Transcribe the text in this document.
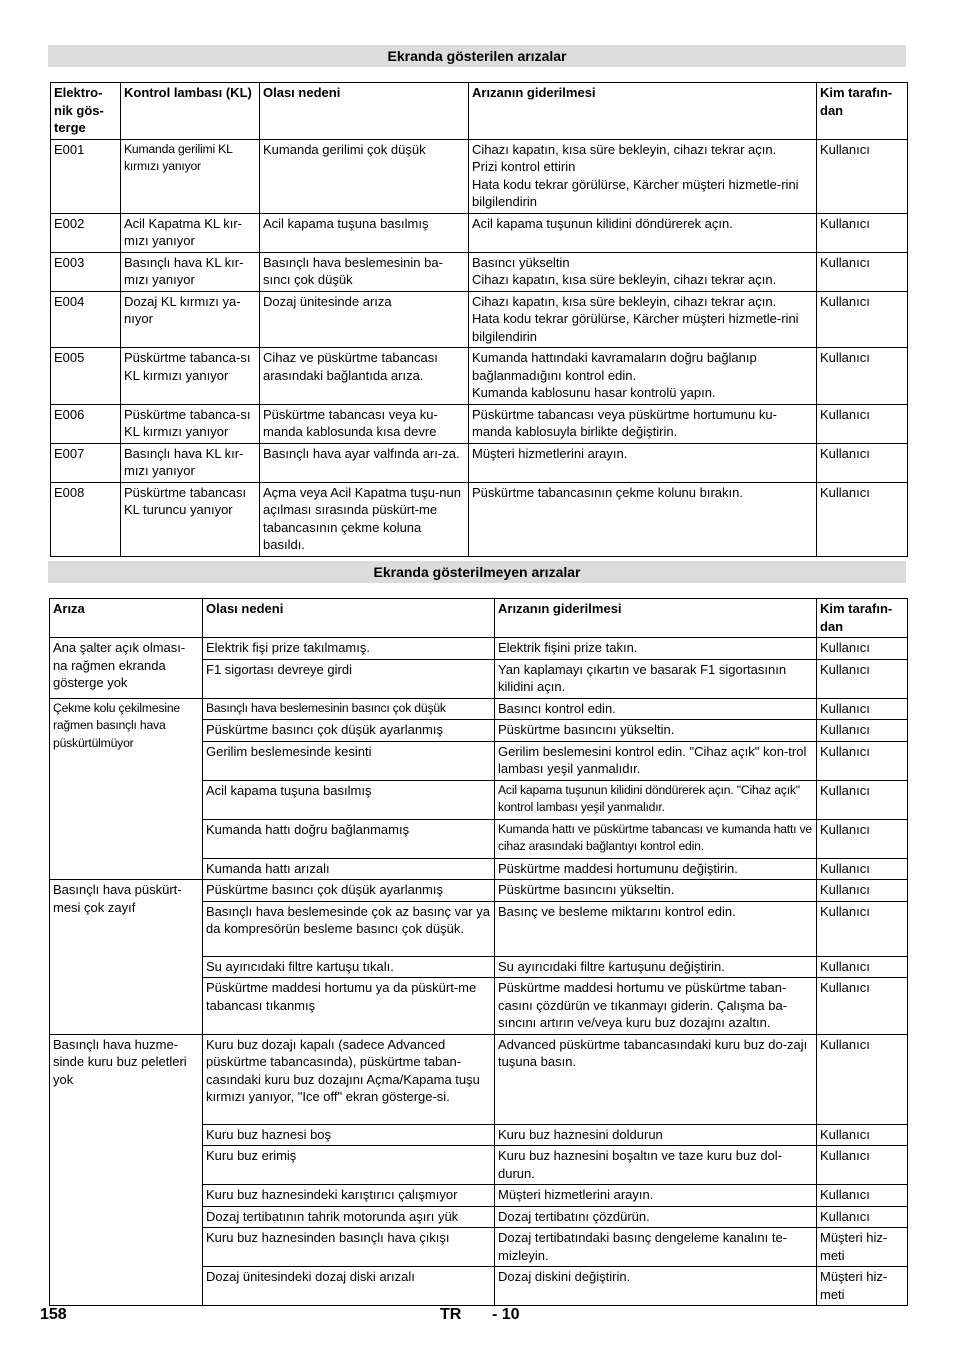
Ekranda gösterilen arızalar
Elektro-nik gös-terge	Kontrol lambası (KL)	Olası nedeni	Arızanın giderilmesi	Kim tarafın-dan
E001	Kumanda gerilimi KL kırmızı yanıyor	Kumanda gerilimi çok düşük	Cihazı kapatın, kısa süre bekleyin, cihazı tekrar açın.
Prizi kontrol ettirin
Hata kodu tekrar görülürse, Kärcher müşteri hizmetle-rini bilgilendirin	Kullanıcı
E002	Acil Kapatma KL kır-mızı yanıyor	Acil kapama tuşuna basılmış	Acil kapama tuşunun kilidini döndürerek açın.	Kullanıcı
E003	Basınçlı hava KL kır-mızı yanıyor	Basınçlı hava beslemesinin ba-sıncı çok düşük	Basıncı yükseltin
Cihazı kapatın, kısa süre bekleyin, cihazı tekrar açın.	Kullanıcı
E004	Dozaj KL kırmızı ya-nıyor	Dozaj ünitesinde arıza	Cihazı kapatın, kısa süre bekleyin, cihazı tekrar açın.
Hata kodu tekrar görülürse, Kärcher müşteri hizmetle-rini bilgilendirin	Kullanıcı
E005	Püskürtme tabanca-sı KL kırmızı yanıyor	Cihaz ve püskürtme tabancası arasındaki bağlantıda arıza.	Kumanda hattındaki kavramaların doğru bağlanıp bağlanmadığını kontrol edin.
Kumanda kablosunu hasar kontrolü yapın.	Kullanıcı
E006	Püskürtme tabanca-sı KL kırmızı yanıyor	Püskürtme tabancası veya ku-manda kablosunda kısa devre	Püskürtme tabancası veya püskürtme hortumunu ku-manda kablosuyla birlikte değiştirin.	Kullanıcı
E007	Basınçlı hava KL kır-mızı yanıyor	Basınçlı hava ayar valfında arı-za.	Müşteri hizmetlerini arayın.	Kullanıcı
E008	Püskürtme tabancası KL turuncu yanıyor	Açma veya Acil Kapatma tuşu-nun açılması sırasında püskürt-me tabancasının çekme koluna basıldı.	Püskürtme tabancasının çekme kolunu bırakın.	Kullanıcı
Ekranda gösterilmeyen arızalar
Arıza	Olası nedeni	Arızanın giderilmesi	Kim tarafın-dan
Ana şalter açık olması-na rağmen ekranda gösterge yok	Elektrik fişi prize takılmamış.	Elektrik fişini prize takın.	Kullanıcı
	F1 sigortası devreye girdi	Yan kaplamayı çıkartın ve basarak F1 sigortasının kilidini açın.	Kullanıcı
Çekme kolu çekilmesine rağmen basınçlı hava püskürtülmüyor	Basınçlı hava beslemesinin basıncı çok düşük	Basıncı kontrol edin.	Kullanıcı
	Püskürtme basıncı çok düşük ayarlanmış	Püskürtme basıncını yükseltin.	Kullanıcı
	Gerilim beslemesinde kesinti	Gerilim beslemesini kontrol edin. "Cihaz açık" kon-trol lambası yeşil yanmalıdır.	Kullanıcı
	Acil kapama tuşuna basılmış	Acil kapama tuşunun kilidini döndürerek açın. "Cihaz açık" kontrol lambası yeşil yanmalıdır.	Kullanıcı
	Kumanda hattı doğru bağlanmamış	Kumanda hattı ve püskürtme tabancası ve kumanda hattı ve cihaz arasındaki bağlantıyı kontrol edin.	Kullanıcı
	Kumanda hattı arızalı	Püskürtme maddesi hortumunu değiştirin.	Kullanıcı
Basınçlı hava püskürt-mesi çok zayıf	Püskürtme basıncı çok düşük ayarlanmış	Püskürtme basıncını yükseltin.	Kullanıcı
	Basınçlı hava beslemesinde çok az basınç var ya da kompresörün besleme basıncı çok düşük.	Basınç ve besleme miktarını kontrol edin.	Kullanıcı
	Su ayırıcıdaki filtre kartuşu tıkalı.	Su ayırıcıdaki filtre kartuşunu değiştirin.	Kullanıcı
	Püskürtme maddesi hortumu ya da püskürt-me tabancası tıkanmış	Püskürtme maddesi hortumu ve püskürtme taban-casını çözdürün ve tıkanmayı giderin. Çalışma ba-sıncını artırın ve/veya kuru buz dozajını azaltın.	Kullanıcı
Basınçlı hava huzme-sinde kuru buz peletleri yok	Kuru buz dozajı kapalı (sadece Advanced püskürtme tabancasında), püskürtme taban-casındaki kuru buz dozajını Açma/Kapama tuşu kırmızı yanıyor, "Ice off" ekran gösterge-si.	Advanced püskürtme tabancasındaki kuru buz do-zajı tuşuna basın.	Kullanıcı
	Kuru buz haznesi boş	Kuru buz haznesini doldurun	Kullanıcı
	Kuru buz erimiş	Kuru buz haznesini boşaltın ve taze kuru buz dol-durun.	Kullanıcı
	Kuru buz haznesindeki karıştırıcı çalışmıyor	Müşteri hizmetlerini arayın.	Kullanıcı
	Dozaj tertibatının tahrik motorunda aşırı yük	Dozaj tertibatını çözdürün.	Kullanıcı
	Kuru buz haznesinden basınçlı hava çıkışı	Dozaj tertibatındaki basınç dengeleme kanalını te-mizleyin.	Müşteri hiz-meti
	Dozaj ünitesindeki dozaj diski arızalı	Dozaj diskini değiştirin.	Müşteri hiz-meti
158	TR - 10
